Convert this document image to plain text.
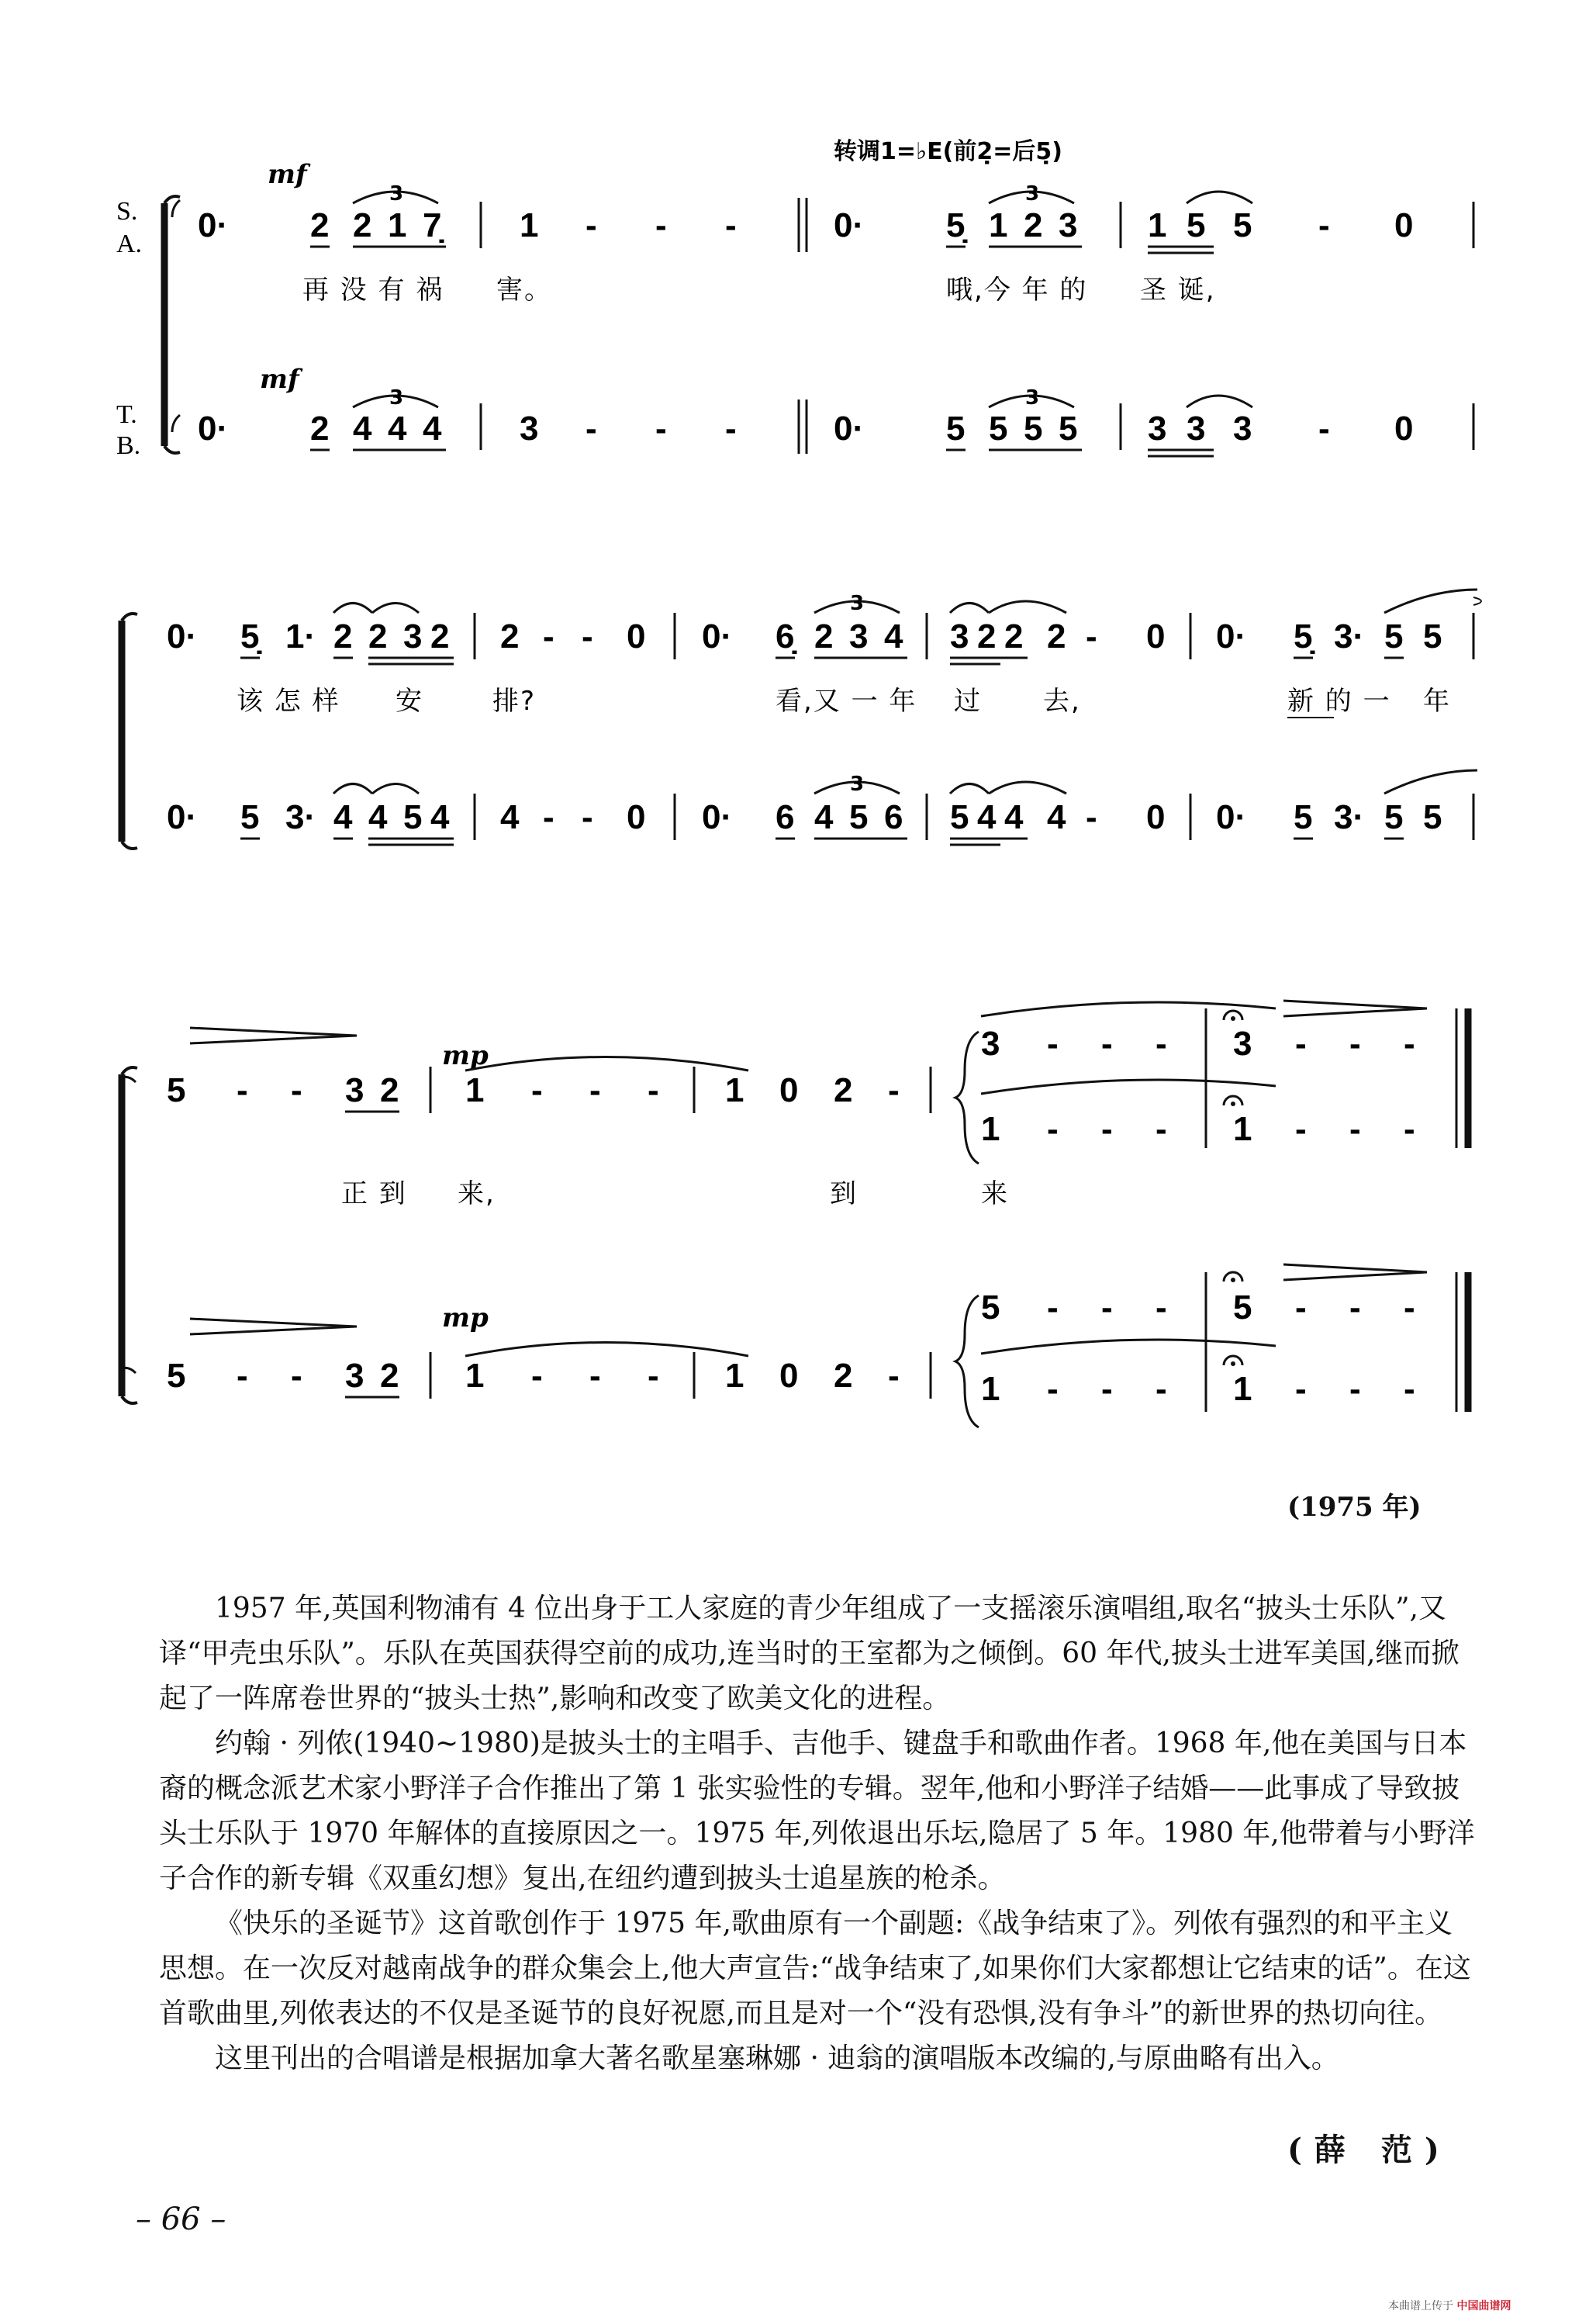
转调1=♭E(前2̣=后5̣)
S.
A.
T.
B.
mf
mf
0· 2 2 1 7̣ 1 - - -	0· 5̣ 1 2 3 1 5 5 - 0
3	3
再 没 有 祸 害。	哦,今 年 的 圣 诞,
0· 2 4 4 4 3 - - -	0· 5 5 5 5 3 3 3 - 0
3	3
0· 5̣ 1· 2 2 3 2 2 - - 0 0· 6̣ 2 3 4 3 2 2 2 - 0 0· 5̣ 3· 5 5
3
该 怎 样 安	排?	看,又 一 年 过 去,	新 的 一 年
0· 5 3· 4 4 5 4 4 - - 0 0· 6 4 5 6 5 4 4 4 - 0 0· 5 3· 5 5
3
mp
mp
5 - - 3 2 1 - - - 1 0 2 -
3 - - - 3 - - -
1 - - - 1 - - -
正 到 来,	到	来
5 - - 3 2 1 - - - 1 0 2 -
5 - - - 5 - - -
1 - - - 1 - - -
(1975 年)

1957 年,英国利物浦有 4 位出身于工人家庭的青少年组成了一支摇滚乐演唱组,取名“披头士乐队”,又译“甲壳虫乐队”。乐队在英国获得空前的成功,连当时的王室都为之倾倒。60 年代,披头士进军美国,继而掀起了一阵席卷世界的“披头士热”,影响和改变了欧美文化的进程。

约翰 · 列侬(1940~1980)是披头士的主唱手、吉他手、键盘手和歌曲作者。1968 年,他在美国与日本裔的概念派艺术家小野洋子合作推出了第 1 张实验性的专辑。翌年,他和小野洋子结婚——此事成了导致披头士乐队于 1970 年解体的直接原因之一。1975 年,列侬退出乐坛,隐居了 5 年。1980 年,他带着与小野洋子合作的新专辑《双重幻想》复出,在纽约遭到披头士追星族的枪杀。

《快乐的圣诞节》这首歌创作于 1975 年,歌曲原有一个副题:《战争结束了》。列侬有强烈的和平主义思想。在一次反对越南战争的群众集会上,他大声宣告:“战争结束了,如果你们大家都想让它结束的话”。在这首歌曲里,列侬表达的不仅是圣诞节的良好祝愿,而且是对一个“没有恐惧,没有争斗”的新世界的热切向往。

这里刊出的合唱谱是根据加拿大著名歌星塞琳娜 · 迪翁的演唱版本改编的,与原曲略有出入。

(薛 范)
– 66 –
本曲谱上传于 中国曲谱网
